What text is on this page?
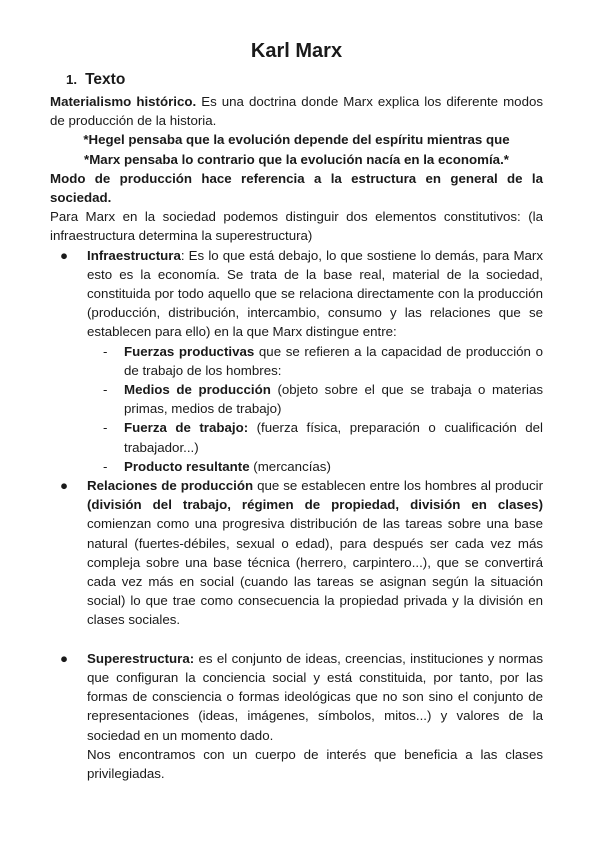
Karl Marx
1. Texto

Materialismo histórico. Es una doctrina donde Marx explica los diferente modos de producción de la historia.

*Hegel pensaba que la evolución depende del espíritu mientras que

*Marx pensaba lo contrario que la evolución nacía en la economía.*

Modo de producción hace referencia a la estructura en general de la sociedad.

Para Marx en la sociedad podemos distinguir dos elementos constitutivos: (la infraestructura determina la superestructura)

● Infraestructura: Es lo que está debajo, lo que sostiene lo demás, para Marx esto es la economía. Se trata de la base real, material de la sociedad, constituida por todo aquello que se relaciona directamente con la producción (producción, distribución, intercambio, consumo y las relaciones que se establecen para ello) en la que Marx distingue entre:
- Fuerzas productivas que se refieren a la capacidad de producción o de trabajo de los hombres:
- Medios de producción (objeto sobre el que se trabaja o materias primas, medios de trabajo)
- Fuerza de trabajo: (fuerza física, preparación o cualificación del trabajador...)
- Producto resultante (mercancías)
● Relaciones de producción que se establecen entre los hombres al producir (división del trabajo, régimen de propiedad, división en clases) comienzan como una progresiva distribución de las tareas sobre una base natural (fuertes-débiles, sexual o edad), para después ser cada vez más compleja sobre una base técnica (herrero, carpintero...), que se convertirá cada vez más en social (cuando las tareas se asignan según la situación social) lo que trae como consecuencia la propiedad privada y la división en clases sociales.
● Superestructura: es el conjunto de ideas, creencias, instituciones y normas que configuran la conciencia social y está constituida, por tanto, por las formas de consciencia o formas ideológicas que no son sino el conjunto de representaciones (ideas, imágenes, símbolos, mitos...) y valores de la sociedad en un momento dado.

Nos encontramos con un cuerpo de interés que beneficia a las clases privilegiadas.
